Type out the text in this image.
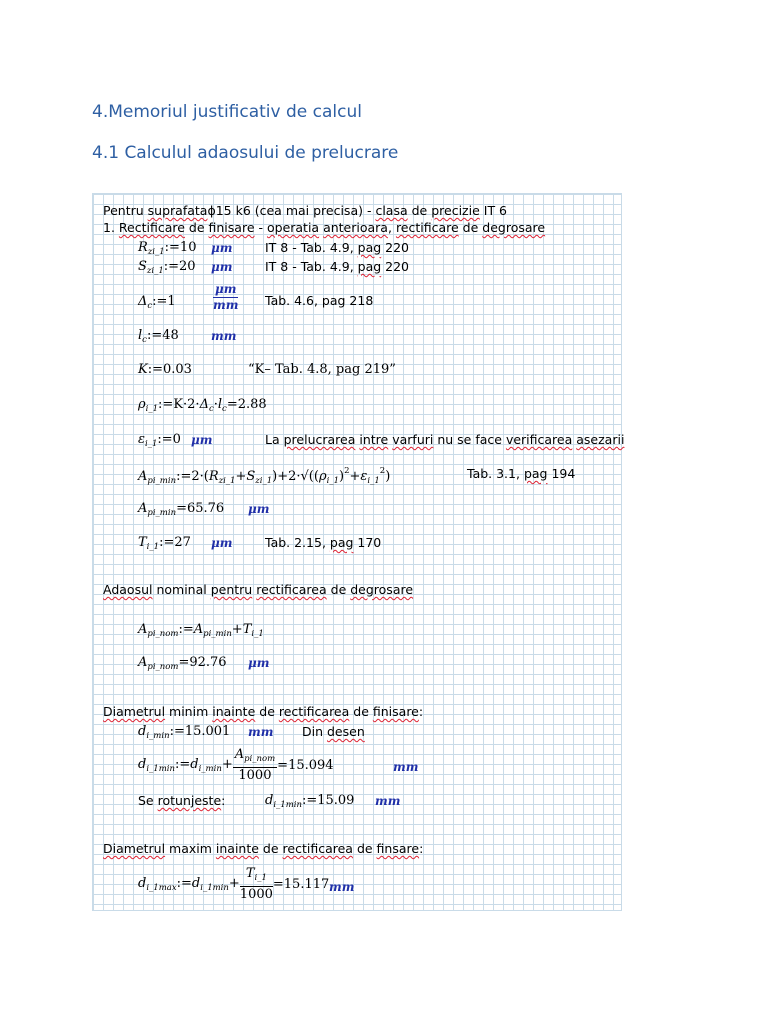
4.Memoriul justificativ de calcul
4.1 Calculul adaosului de prelucrare
Pentru suprafataϕ15 k6 (cea mai precisa) - clasa de precizie IT 6
1. Rectificare de finisare - operatia anterioara, rectificare de degrosare
$R_{zi\_1}:=10$ μm	IT 8 - Tab. 4.9, pag 220
$S_{zi\_1}:=20$ μm	IT 8 - Tab. 4.9, pag 220
$\Delta_c:=1$	$\frac{\mu m}{mm}$ Tab. 4.6, pag 218
$l_c:=48$	mm
K:=0.03	“K– Tab. 4.8, pag 219”
$\rho_{i\_1}:=K\cdot 2\cdot\Delta_c\cdot l_c=2.88$
$\varepsilon_{i\_1}:=0$ μm	La prelucrarea intre varfuri nu se face verificarea asezarii
$A_{pi\_min}:=2\cdot(R_{zi\_1}+S_{zi\_1})+2\cdot√((\rho_{i\_1})^2+\varepsilon_{i\_1}^2)$	Tab. 3.1, pag 194
$A_{pi\_min}=65.76$ μm
$T_{i\_1}:=27$ μm	Tab. 2.15, pag 170
Adaosul nominal pentru rectificarea de degrosare
$A_{pi\_nom}:=A_{pi\_min}+T_{i\_1}$
$A_{pi\_nom}=92.76$ μm
Diametrul minim inainte de rectificarea de finisare:
$d_{i\_min}:=15.001$ mm Din desen
$d_{i\_1min}:=d_{i\_min}+ \frac{A_{pi\_nom}}{1000} =15.094$	mm
Se rotunjeste:	$d_{i\_1min}:=15.09$ mm
Diametrul maxim inainte de rectificarea de finsare:
$d_{i\_1max}:=d_{i\_1min}+ \frac{T_{i\_1}}{1000} =15.117$ mm
